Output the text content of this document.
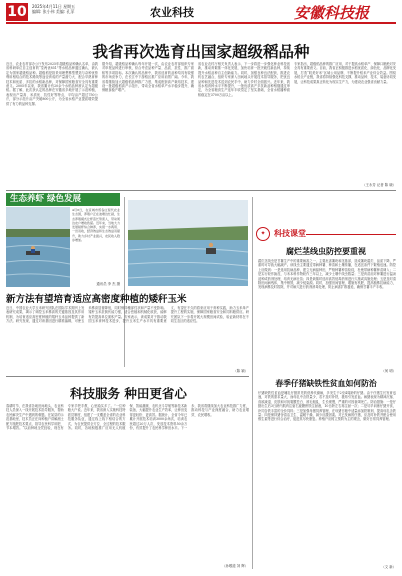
10	2025年4月11日 星期五
编辑: 张小伟 美编: 孔菲	农业科技	安徽科技报
我省再次选育出国家超级稻品种
近日，农业农村部办公厅发布2025年超级稻品种确认名单，由我省科研单位自主选育的“荃两优851”等水稻品种通过确认，被认定为国家超级稻品种。超级稻是指采用理想株型塑造与杂种优势利用相结合的技术路线等途径育成的产量潜力大、配合早熟育种技术和优质、多抗的水稻新品种，对保障国家粮食安全具有重要意义。2005年以来，我省累计有20余个水稻品种被认定为超级稻。据了解，此次获认定的品种在安徽省多地开展了示范种植，表现出产量高、米质优、抗性好等特点，平均亩产超过750公斤，部分示范片亩产突破800公斤，为全省水稻产业提质增效提供了有力的品种支撑。
据介绍，超级稻品种确认每年开展一次，由农业农村部组织专家对申报品种进行审核，综合考虑品种产量、品质、抗性、推广面积等多项指标。本次确认的品种中，我省选育的品种均具有较强的市场竞争力，在长江中下游稻区推广应用前景广阔。今年，我省将继续加大超级稻品种推广力度，集成配套高产栽培技术，建设一批超级稻高产示范片，带动全省水稻单产水平稳步提升，确保粮食稳产增产。
省农业农村厅相关负责人表示，下一步将进一步强化种业科技创新，推动育繁推一体化发展，加快培育一批突破性新品种，持续提升水稻品种自主创新能力。同时，加强良种良法配套，推进农机农艺融合，组织专家深入田间地头开展技术指导服务，把优良品种和先进技术送到农民手中，助力乡村全面振兴。近年来，我省水稻育种水平不断提升，一批优质高产多抗新品种相继通过审定，为全省粮食生产连年丰收奠定了坚实基础，全省水稻播种面积稳定在3700万亩以上。
专家指出，超级稻品种的推广应用，对于提高水稻单产、保障口粮绝对安全具有重要意义。目前，我省正积极推进水稻优质化、绿色化、品牌化发展，打造“皖美好米”区域公用品牌，不断提升稻米产业综合效益。围绕水稻全产业链，我省将持续强化科技支撑，推动品种、技术、装备协同发展，让科技成果真正转化为现实生产力，为建设农业强省贡献力量。
（王永芳 记者 陈 晓）
生态养虾 绿色发展
4月6日，在宣城市郑各庄现代农业生态园，养殖户正在池塘边忙碌，生态养殖模式让虾苗长势喜人，带动周边农户增收致富。近年来，当地大力发展稻虾综合种养，实现一水两用、一田双收，经济效益和生态效益双提升，助力乡村产业振兴，农民收入稳步增加。
通讯员 李 杰 摄
新方法有望培育适应高密度种植的矮秆玉米
近日，中国农业大学玉米研究团队在国际学术期刊上发表研究成果，揭示了调控玉米株高的关键基因及其作用机制，为培育适应高密度种植的矮秆玉米品种提供了新方法。研究发现，通过对该基因进行精准编辑，可使玉米株高显著降低，同时保持穗部性状和产量不受影响。矮秆玉米抗倒伏能力强，适合密植和机械化收获，能够有效提高单位面积产量。专家表示，该成果对于推动我国玉米育种技术进步，提升玉米生产水平具有重要意义，有望在不久的将来应用于育种实践，助力玉米单产提升工程的实施，保障国家粮食安全和饲料粮供应。研究团队下一步将开展大规模田间试验，验证新材料在不同生态区的适应性。
（陈 颖）
科技服务 种田更省心
春耕时节，在我省各地田间地头，农业科技人员深入一线开展技术指导服务，帮助农民解决生产中遇到的难题。在某县的示范基地里，技术员正在向种植户讲解测土配方施肥技术要点，指导农民科学用肥、节本增效。“以前种地全凭经验，现在有专家手把手教，心里踏实多了。”一位种粮大户说。近年来，我省深入实施科技特派员制度，组建了一支覆盖全省的农业科技服务队伍，通过线上线下相结合的方式，为农民提供全方位、全过程的技术服务。同时，各地积极推广应用无人机植保、智能灌溉、农机北斗导航等新技术新装备，大幅提升农业生产效率，让种田变得更轻松、更高效。据统计，全省今年已累计开展技术培训3000余场次，培训农民超过20万人次，发放技术资料50余万份，有效提升了农民科学种田水平。下一步，我省将继续加大农业科技推广力度，推动科技与产业深度融合，助力农业增效、农民增收。
（孙敬道 刘 辉）
✦	科技课堂
腐烂茎线虫防控要重视
腐烂茎线虫是甘薯生产中的重要病害之一，主要危害薯块和茎基部，造成薯块腐烂、品质下降，严重时可导致大幅减产。该线虫主要通过带病种薯、种苗和土壤传播，在适宜条件下繁殖迅速。防控上应做到：一是选用抗病品种，建立无病留种田，严格种薯种苗检疫，杜绝带病种薯种苗调入；二是实行轮作换茬，与禾本科作物轮作三年以上，减少土壤中线虫数量；三是育苗前对种薯进行温汤浸种或药剂处理，培育无病壮苗；四是栽插时选用高效低毒药剂进行穴施或沟施处理；五是及时清除田间病残体，集中销毁，减少侵染源。同时，加强田间管理，增施有机肥，提高植株抗病能力，发现病株及时拔除，并对病穴进行药剂消毒处理，防止病害扩散蔓延，确保甘薯丰产丰收。
（何 明）
春季仔猪缺铁性贫血如何防治
仔猪缺铁性贫血是哺乳仔猪常见的营养代谢病，多发生于2至4周龄的仔猪。由于仔猪生长发育迅速，对铁的需求量大，而母乳中含铁量少，若不及时补铁，极易引发贫血。病猪表现为精神沉郁、食欲减退、皮肤和可视黏膜苍白、被毛粗乱、生长缓慢，严重的可因衰竭死亡。防治措施：一是仔猪出生后3日龄内肌肉注射右旋糖酐铁注射液，10日龄左右再注射一次；二是尽早训练仔猪开食，补饲含铁丰富的全价饲料；三是加强母猪饲养管理，在母猪日粮中适量添加铁制剂，提高母乳含铁量；四是保持猪舍清洁卫生、温暖干燥，减少应激因素。对已发病的仔猪，应及时补铁并配合使用维生素等进行综合治疗，促进其尽快康复。养殖户应树立预防为主的观念，做好日常饲养管理。
（文 新）
